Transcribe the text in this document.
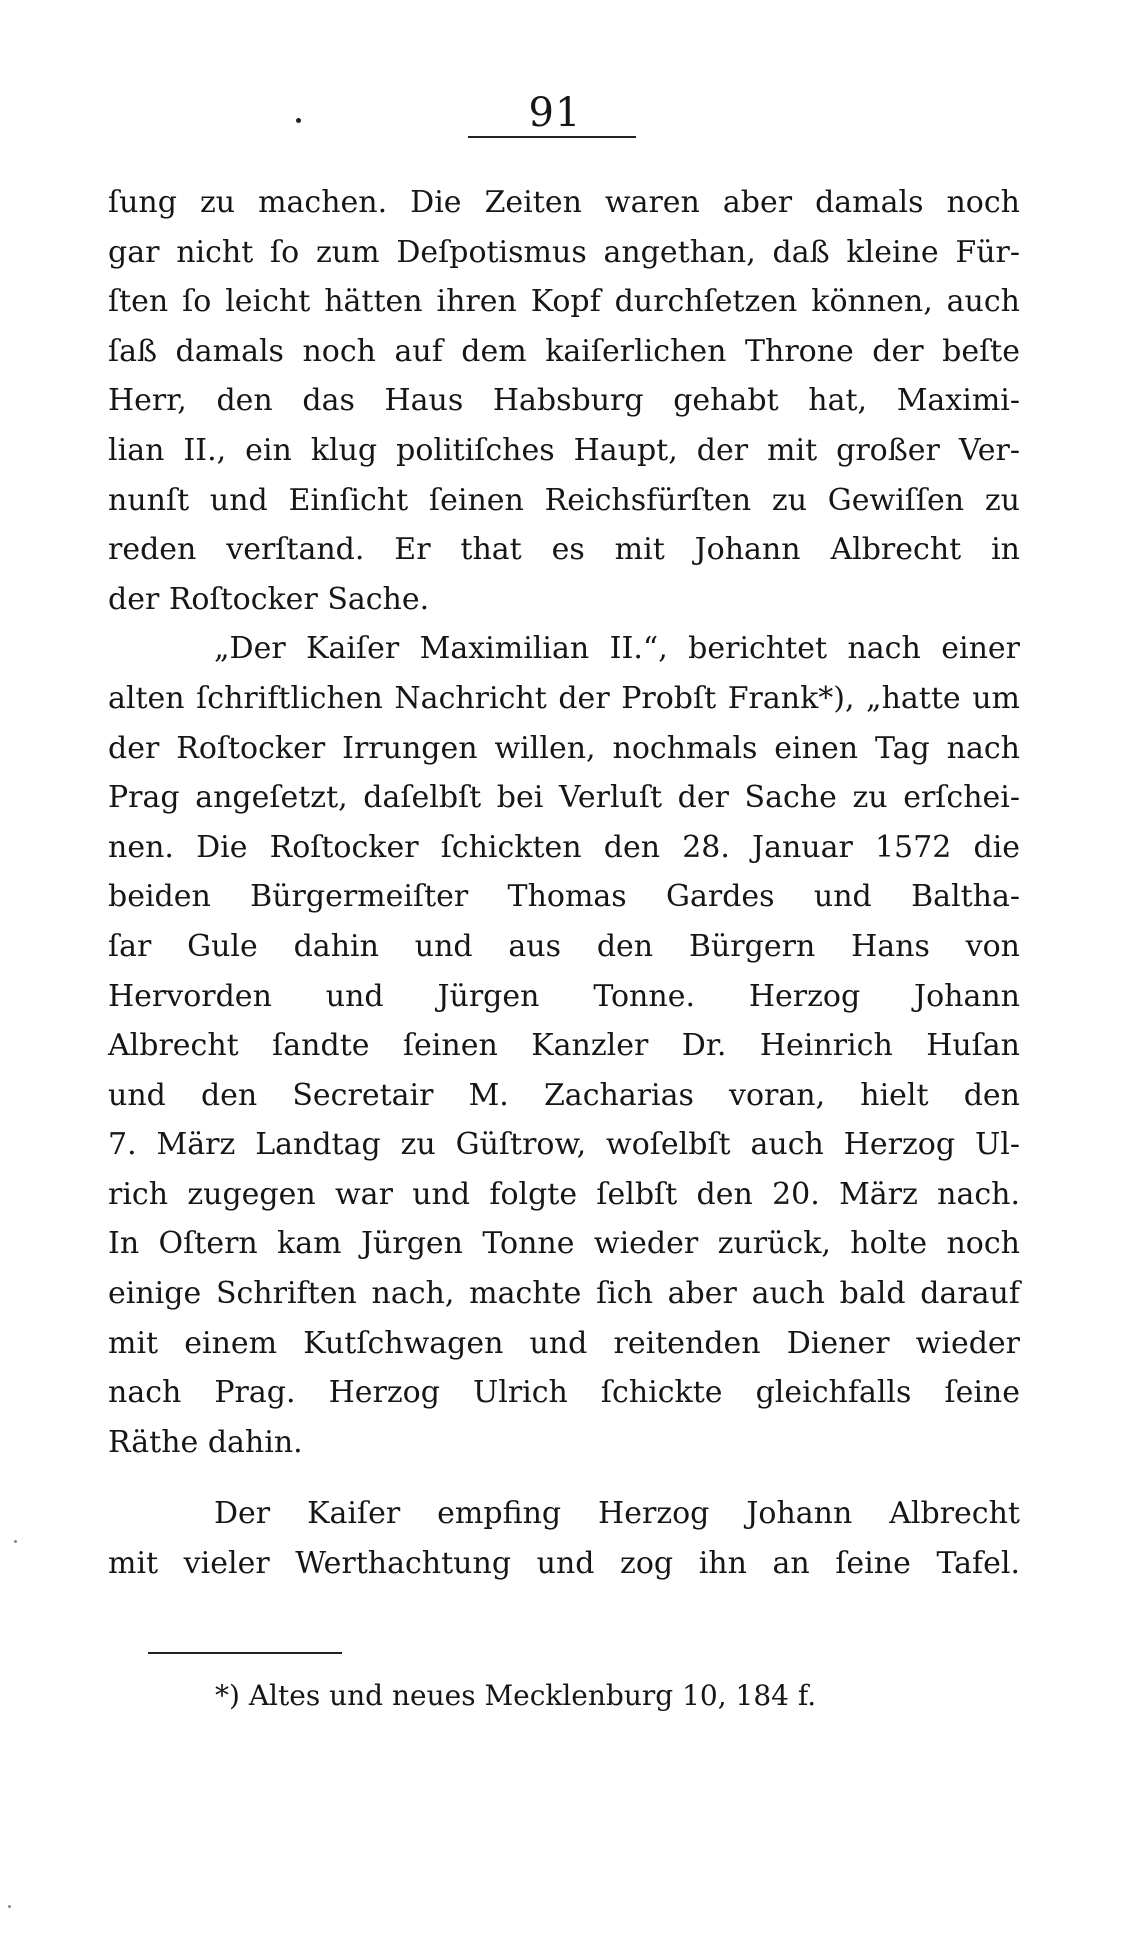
91
ſung zu machen. Die Zeiten waren aber damals noch
gar nicht ſo zum Deſpotismus angethan, daß kleine Für-
ſten ſo leicht hätten ihren Kopf durchſetzen können, auch
ſaß damals noch auf dem kaiſerlichen Throne der beſte
Herr, den das Haus Habsburg gehabt hat, Maximi-
lian II., ein klug politiſches Haupt, der mit großer Ver-
nunſt und Einſicht ſeinen Reichsfürſten zu Gewiſſen zu
reden verſtand. Er that es mit Johann Albrecht in
der Roſtocker Sache.
„Der Kaiſer Maximilian II.“, berichtet nach einer
alten ſchriftlichen Nachricht der Probſt Frank*), „hatte um
der Roſtocker Irrungen willen, nochmals einen Tag nach
Prag angeſetzt, daſelbſt bei Verluſt der Sache zu erſchei-
nen. Die Roſtocker ſchickten den 28. Januar 1572 die
beiden Bürgermeiſter Thomas Gardes und Baltha-
ſar Gule dahin und aus den Bürgern Hans von
Hervorden und Jürgen Tonne. Herzog Johann
Albrecht ſandte ſeinen Kanzler Dr. Heinrich Huſan
und den Secretair M. Zacharias voran, hielt den
7. März Landtag zu Güſtrow, woſelbſt auch Herzog Ul-
rich zugegen war und folgte ſelbſt den 20. März nach.
In Oſtern kam Jürgen Tonne wieder zurück, holte noch
einige Schriften nach, machte ſich aber auch bald darauf
mit einem Kutſchwagen und reitenden Diener wieder
nach Prag. Herzog Ulrich ſchickte gleichfalls ſeine
Räthe dahin.
Der Kaiſer empfing Herzog Johann Albrecht
mit vieler Werthachtung und zog ihn an ſeine Tafel.
*) Altes und neues Mecklenburg 10, 184 f.
